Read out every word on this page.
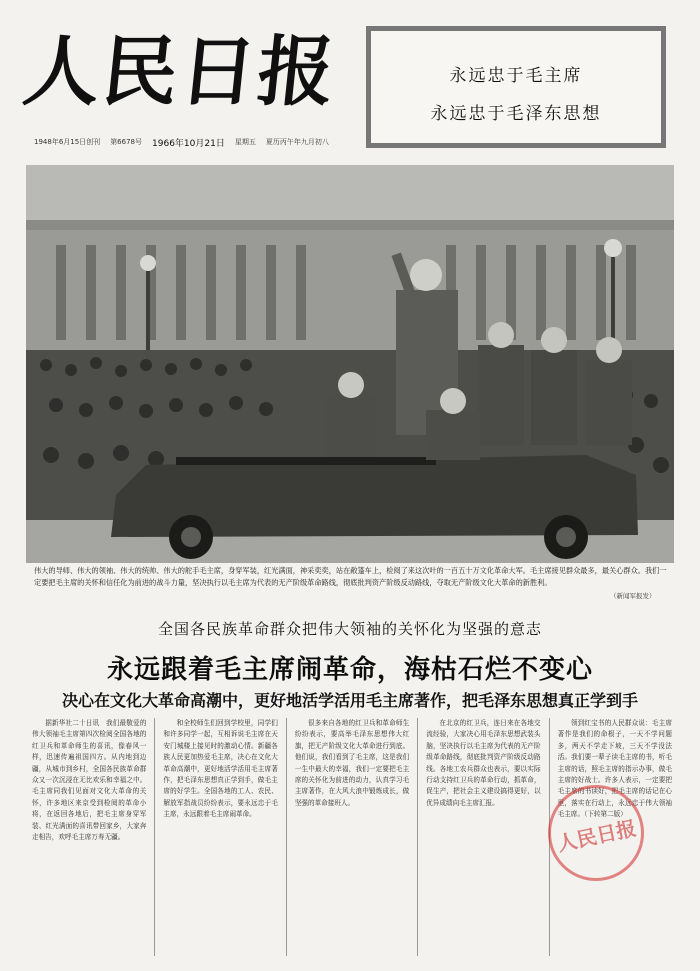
人民日报
1948年6月15日创刊 第6678号 1966年10月21日 星期五 夏历丙午年九月初八
永远忠于毛主席
永远忠于毛泽东思想
伟大的导师、伟大的领袖、伟大的统帅、伟大的舵手毛主席，身穿军装，红光满面，神采奕奕，站在敞篷车上，检阅了来这次叶的一百五十万文化革命大军。毛主席接见群众最多，最关心群众。我们一定要把毛主席的关怀和信任化为前进的战斗力量，坚决执行以毛主席为代表的无产阶级革命路线，彻底批判资产阶级反动路线，夺取无产阶级文化大革命的新胜利。
（新闻军报发）
全国各民族革命群众把伟大领袖的关怀化为坚强的意志
永远跟着毛主席闹革命，海枯石烂不变心
决心在文化大革命高潮中，更好地活学活用毛主席著作，把毛泽东思想真正学到手

据新华社二十日讯　我们最敬爱的伟大领袖毛主席第四次检阅全国各地的红卫兵和革命师生的喜讯，像春风一样，迅速传遍祖国四方。从内地到边疆，从城市到乡村，全国各民族革命群众又一次沉浸在无比欢乐和幸福之中。毛主席同我们见面对文化大革命的关怀，许多地区来京受到检阅的革命小将，在返回各地后，把毛主席身穿军装、红光满面的喜讯带回家乡，大家奔走相告，欢呼毛主席万寿无疆。

和全校师生们回到学校里，同学们和许多同学一起，互相诉说毛主席在天安门城楼上接见时的激动心情。新疆各族人民更加热爱毛主席，决心在文化大革命高潮中，更好地活学活用毛主席著作，把毛泽东思想真正学到手，做毛主席的好学生。全国各地的工人、农民、解放军指战员纷纷表示，要永远忠于毛主席，永远跟着毛主席闹革命。

很多来自各地的红卫兵和革命师生纷纷表示，要高举毛泽东思想伟大红旗，把无产阶级文化大革命进行到底。他们说，我们看到了毛主席，这是我们一生中最大的幸福，我们一定要把毛主席的关怀化为前进的动力，认真学习毛主席著作，在大风大浪中锻炼成长，做坚强的革命接班人。

在北京的红卫兵，连日来在各地交流经验，大家决心用毛泽东思想武装头脑，坚决执行以毛主席为代表的无产阶级革命路线，彻底批判资产阶级反动路线。各地工农兵群众也表示，要以实际行动支持红卫兵的革命行动，抓革命，促生产，把社会主义建设搞得更好，以优异成绩向毛主席汇报。

领到红宝书的人民群众说：毛主席著作是我们的命根子，一天不学问题多，两天不学走下坡，三天不学没法活。我们要一辈子读毛主席的书，听毛主席的话，照毛主席的指示办事，做毛主席的好战士。许多人表示，一定要把毛主席的书读好，把毛主席的话记在心里，落实在行动上，永远忠于伟大领袖毛主席。（下转第二版）

人民日报
